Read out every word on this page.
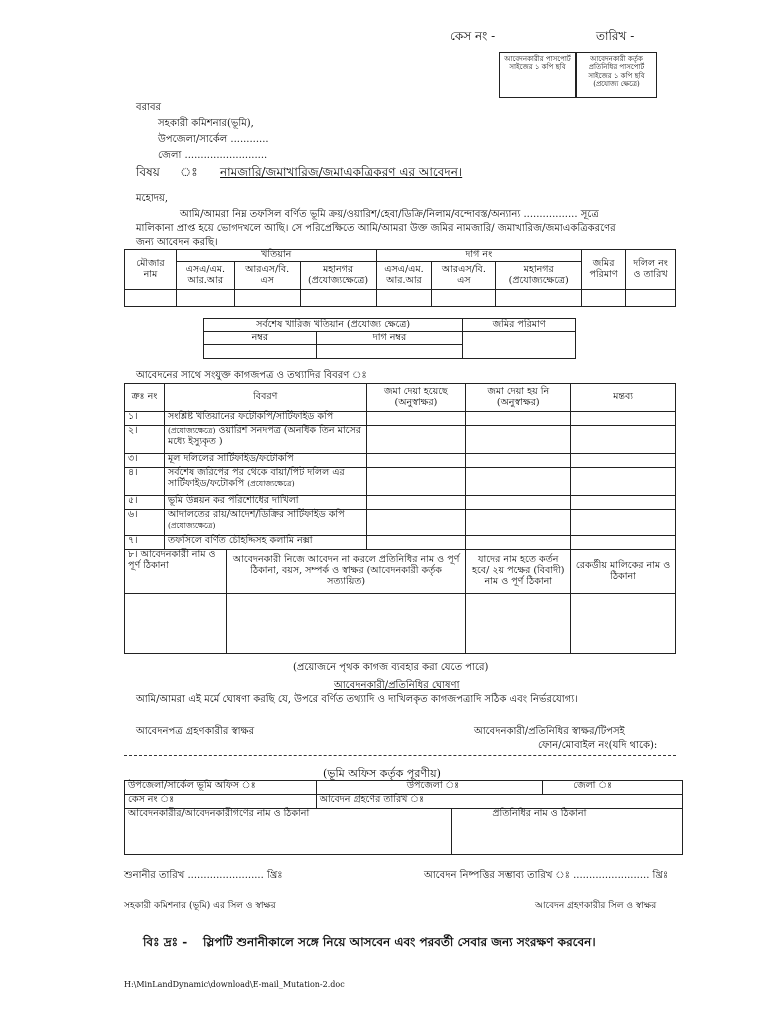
কেস নং -	তারিখ -
আবেদনকারীর পাসপোর্ট সাইজের ১ কপি ছবি
আবেদনকারী কর্তৃক প্রতিনিধির পাসপোর্ট সাইজের ১ কপি ছবি (প্রযোজ্য ক্ষেত্রে)
বরাবর
সহকারী কমিশনার(ভূমি),
উপজেলা/সার্কেল ............
জেলা ..........................
বিষয় ঃ নামজারি/জমাখারিজ/জমাএকত্রিকরণ এর আবেদন।
মহোদয়,
আমি/আমরা নিম্ন তফসিল বর্ণিত ভূমি ক্রয়/ওয়ারিশ/হেবা/ডিক্রি/নিলাম/বন্দোবস্ত/অন্যান্য ................. সূত্রে
মালিকানা প্রাপ্ত হয়ে ভোগদখলে আছি। সে পরিপ্রেক্ষিতে আমি/আমরা উক্ত জমির নামজারি/ জমাখারিজ/জমাএকত্রিকরণের
জন্য আবেদন করছি।
মৌজার নাম	খতিয়ান			দাগ নং			জমির পরিমাণ	দলিল নং ও তারিখ
	এসএ/এম. আর.আর	আরএস/বি. এস	মহানগর (প্রযোজ্যক্ষেত্রে)	এসএ/এম. আর.আর	আরএস/বি. এস	মহানগর (প্রযোজ্যক্ষেত্রে)		

সর্বশেষ খারিজ খতিয়ান (প্রযোজ্য ক্ষেত্রে)		জমির পরিমাণ
নম্বর	দাগ নম্বর	

আবেদনের সাথে সংযুক্ত কাগজপত্র ও তথ্যাদির বিবরণ ঃ
ক্রঃ নং	বিবরণ		জমা দেয়া হয়েছে (অনুস্বাক্ষর)	জমা দেয়া হয় নি (অনুস্বাক্ষর)	মন্তব্য
১।	সংশ্লিষ্ট খতিয়ানের ফটোকপি/সার্টিফাইড কপি				
২।	(প্রযোজ্যক্ষেত্রে) ওয়ারিশ সনদপত্র (অনধিক তিন মাসের মধ্যে ইস্যুকৃত )				
৩।	মূল দলিলের সার্টিফাইড/ফটোকপি				
৪।	সর্বশেষ জরিপের পর থেকে বায়া/পিট দলিল এর সার্টিফাইড/ফটোকপি (প্রযোজ্যক্ষেত্রে)				
৫।	ভূমি উন্নয়ন কর পরিশোধের দাখিলা				
৬।	আদালতের রায়/আদেশ/ডিক্রির সার্টিফাইড কপি
(প্রযোজ্যক্ষেত্রে)				
৭।	তফসিলে বর্ণিত চৌহদ্দিসহ কলামি নক্সা				
৮। আবেদনকারী নাম ও পূর্ণ ঠিকানা		আবেদনকারী নিজে আবেদন না করলে প্রতিনিধির নাম ও পূর্ণ ঠিকানা, বয়স, সম্পর্ক ও স্বাক্ষর (আবেদনকারী কর্তৃক সত্যায়িত)		যাদের নাম হতে কর্তন হবে/ ২য় পক্ষের (বিবাদী) নাম ও পূর্ণ ঠিকানা	রেকর্ডীয় মালিকের নাম ও ঠিকানা

(প্রয়োজনে পৃথক কাগজ ব্যবহার করা যেতে পারে)
আবেদনকারী/প্রতিনিধির ঘোষণা
আমি/আমরা এই মর্মে ঘোষণা করছি যে, উপরে বর্ণিত তথ্যাদি ও দাখিলকৃত কাগজপত্রাদি সঠিক এবং নির্ভরযোগ্য।
আবেদনপত্র গ্রহণকারীর স্বাক্ষর	আবেদনকারী/প্রতিনিধির স্বাক্ষর/টিপসই
ফোন/মোবাইল নং(যদি থাকে):
(ভূমি অফিস কর্তৃক পূরণীয়)
উপজেলা/সার্কেল ভূমি অফিস ঃ	উপজেলা ঃ		জেলা ঃ
কেস নং ঃ	আবেদন গ্রহণের তারিখ ঃ		
আবেদনকারীর/আবেদনকারীগণের নাম ও ঠিকানা		প্রতিনিধির নাম ও ঠিকানা	
শুনানীর তারিখ ........................ খ্রিঃ	আবেদন নিষ্পত্তির সম্ভাব্য তারিখ ঃ ........................ খ্রিঃ
সহকারী কমিশনার (ভূমি) এর সিল ও স্বাক্ষর	আবেদন গ্রহণকারীর সিল ও স্বাক্ষর
বিঃ দ্রঃ - স্লিপটি শুনানীকালে সঙ্গে নিয়ে আসবেন এবং পরবর্তী সেবার জন্য সংরক্ষণ করবেন।
H:\MinLandDynamic\download\E-mail_Mutation-2.doc
